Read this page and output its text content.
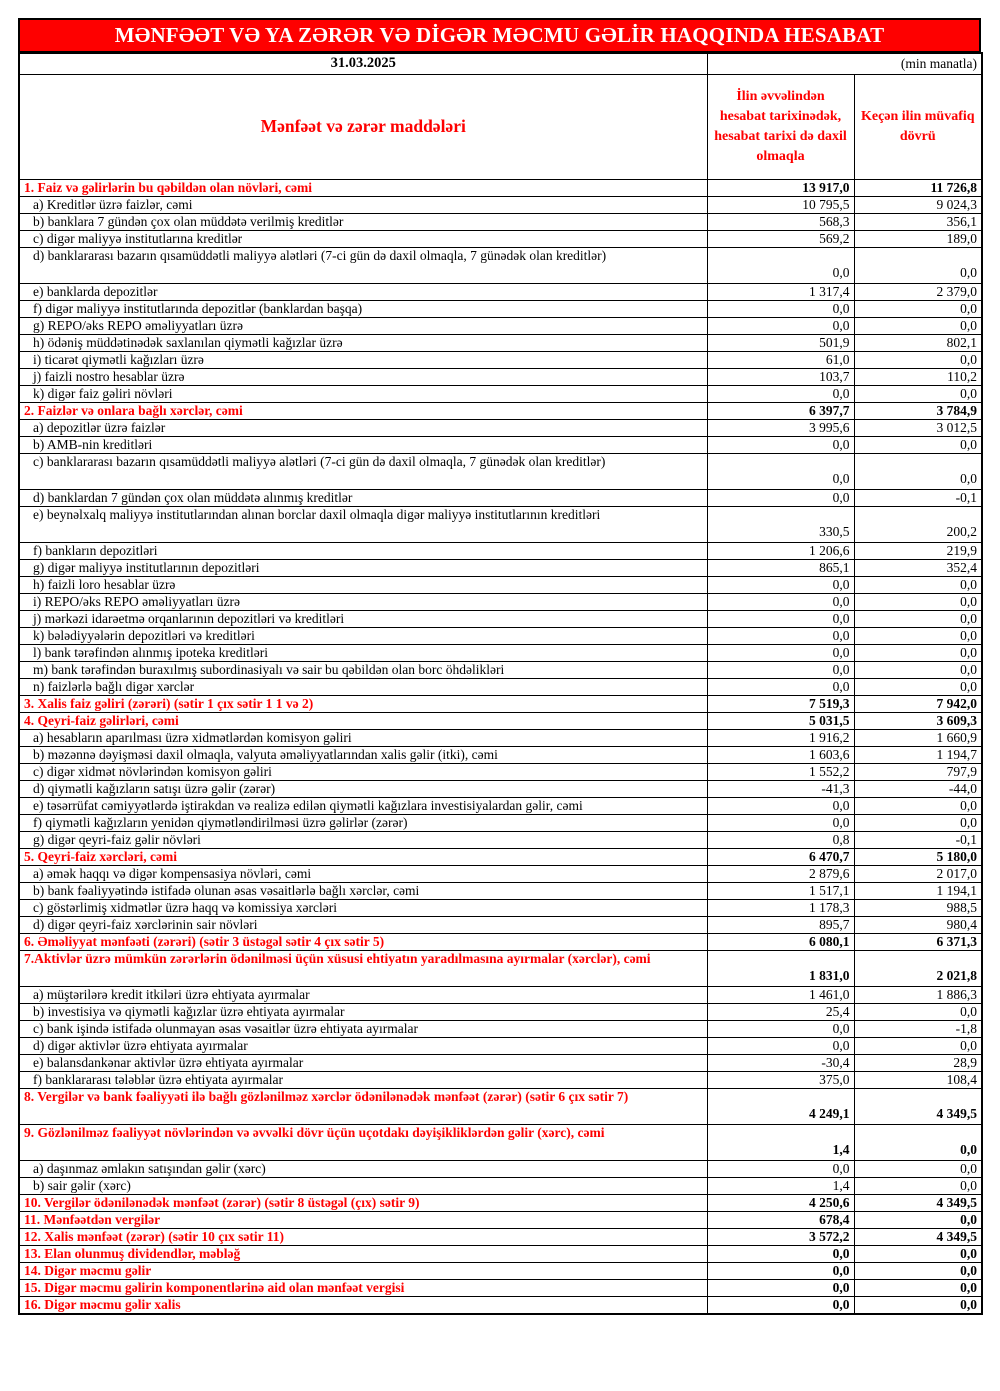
MƏNFƏƏT VƏ YA ZƏRƏR VƏ DİGƏR MƏCMU GƏLİR HAQQINDA HESABAT
31.03.2025	(min manatla)	
Mənfəət və zərər maddələri	İlin əvvəlindən hesabat tarixinədək, hesabat tarixi də daxil olmaqla	Keçən ilin müvafiq dövrü
1. Faiz və gəlirlərin bu qəbildən olan növləri, cəmi	13 917,0	11 726,8
a) Kreditlər üzrə faizlər, cəmi	10 795,5	9 024,3
b) banklara 7 gündən çox olan müddətə verilmiş kreditlər	568,3	356,1
c) digər maliyyə institutlarına kreditlər	569,2	189,0
d) banklararası bazarın qısamüddətli maliyyə alətləri (7-ci gün də daxil olmaqla, 7 günədək olan kreditlər)	0,0	0,0
e) banklarda depozitlər	1 317,4	2 379,0
f) digər maliyyə institutlarında depozitlər (banklardan başqa)	0,0	0,0
g) REPO/əks REPO əməliyyatları üzrə	0,0	0,0
h) ödəniş müddətinədək saxlanılan qiymətli kağızlar üzrə	501,9	802,1
i) ticarət qiymətli kağızları üzrə	61,0	0,0
j) faizli nostro hesablar üzrə	103,7	110,2
k) digər faiz gəliri növləri	0,0	0,0
2. Faizlər və onlara bağlı xərclər, cəmi	6 397,7	3 784,9
a) depozitlər üzrə faizlər	3 995,6	3 012,5
b) AMB-nin kreditləri	0,0	0,0
c) banklararası bazarın qısamüddətli maliyyə alətləri (7-ci gün də daxil olmaqla, 7 günədək olan kreditlər)	0,0	0,0
d) banklardan 7 gündən çox olan müddətə alınmış kreditlər	0,0	-0,1
e) beynəlxalq maliyyə institutlarından alınan borclar daxil olmaqla digər maliyyə institutlarının kreditləri	330,5	200,2
f) bankların depozitləri	1 206,6	219,9
g) digər maliyyə institutlarının depozitləri	865,1	352,4
h) faizli loro hesablar üzrə	0,0	0,0
i) REPO/əks REPO əməliyyatları üzrə	0,0	0,0
j) mərkəzi idarəetmə orqanlarının depozitləri və kreditləri	0,0	0,0
k) bələdiyyələrin depozitləri və kreditləri	0,0	0,0
l) bank tərəfindən alınmış ipoteka kreditləri	0,0	0,0
m) bank tərəfindən buraxılmış subordinasiyalı və sair bu qəbildən olan borc öhdəlikləri	0,0	0,0
n) faizlərlə bağlı digər xərclər	0,0	0,0
3. Xalis faiz gəliri (zərəri) (sətir 1 çıx sətir 1 1 və 2)	7 519,3	7 942,0
4. Qeyri-faiz gəlirləri, cəmi	5 031,5	3 609,3
a) hesabların aparılması üzrə xidmətlərdən komisyon gəliri	1 916,2	1 660,9
b) məzənnə dəyişməsi daxil olmaqla, valyuta əməliyyatlarından xalis gəlir (itki), cəmi	1 603,6	1 194,7
c) digər xidmət növlərindən komisyon gəliri	1 552,2	797,9
d) qiymətli kağızların satışı üzrə gəlir (zərər)	-41,3	-44,0
e) təsərrüfat cəmiyyətlərdə iştirakdan və realizə edilən qiymətli kağızlara investisiyalardan gəlir, cəmi	0,0	0,0
f) qiymətli kağızların yenidən qiymətləndirilməsi üzrə gəlirlər (zərər)	0,0	0,0
g) digər qeyri-faiz gəlir növləri	0,8	-0,1
5. Qeyri-faiz xərcləri, cəmi	6 470,7	5 180,0
a) əmək haqqı və digər kompensasiya növləri, cəmi	2 879,6	2 017,0
b) bank fəaliyyətində istifadə olunan əsas vəsaitlərlə bağlı xərclər, cəmi	1 517,1	1 194,1
c) göstərlimiş xidmətlər üzrə haqq və komissiya xərcləri	1 178,3	988,5
d) digər qeyri-faiz xərclərinin sair növləri	895,7	980,4
6. Əməliyyat mənfəəti (zərəri) (sətir 3 üstəgəl sətir 4 çıx sətir 5)	6 080,1	6 371,3
7.Aktivlər üzrə mümkün zərərlərin ödənilməsi üçün xüsusi ehtiyatın yaradılmasına ayırmalar (xərclər), cəmi	1 831,0	2 021,8
a) müştərilərə kredit itkiləri üzrə ehtiyata ayırmalar	1 461,0	1 886,3
b) investisiya və qiymətli kağızlar üzrə ehtiyata ayırmalar	25,4	0,0
c) bank işində istifadə olunmayan əsas vəsaitlər üzrə ehtiyata ayırmalar	0,0	-1,8
d) digər aktivlər üzrə ehtiyata ayırmalar	0,0	0,0
e) balansdankənar aktivlər üzrə ehtiyata ayırmalar	-30,4	28,9
f) banklararası tələblər üzrə ehtiyata ayırmalar	375,0	108,4
8. Vergilər və bank fəaliyyəti ilə bağlı gözlənilməz xərclər ödənilənədək mənfəət (zərər) (sətir 6 çıx sətir 7)	4 249,1	4 349,5
9. Gözlənilməz fəaliyyət növlərindən və əvvəlki dövr üçün uçotdakı dəyişikliklərdən gəlir (xərc), cəmi	1,4	0,0
a) daşınmaz əmlakın satışından gəlir (xərc)	0,0	0,0
b) sair gəlir (xərc)	1,4	0,0
10. Vergilər ödənilənədək mənfəət (zərər) (sətir 8 üstəgəl (çıx) sətir 9)	4 250,6	4 349,5
11. Mənfəətdən vergilər	678,4	0,0
12. Xalis mənfəət (zərər) (sətir 10 çıx sətir 11)	3 572,2	4 349,5
13. Elan olunmuş dividendlər, məbləğ	0,0	0,0
14. Digər məcmu gəlir	0,0	0,0
15. Digər məcmu gəlirin komponentlərinə aid olan mənfəət vergisi	0,0	0,0
16. Digər məcmu gəlir xalis	0,0	0,0
